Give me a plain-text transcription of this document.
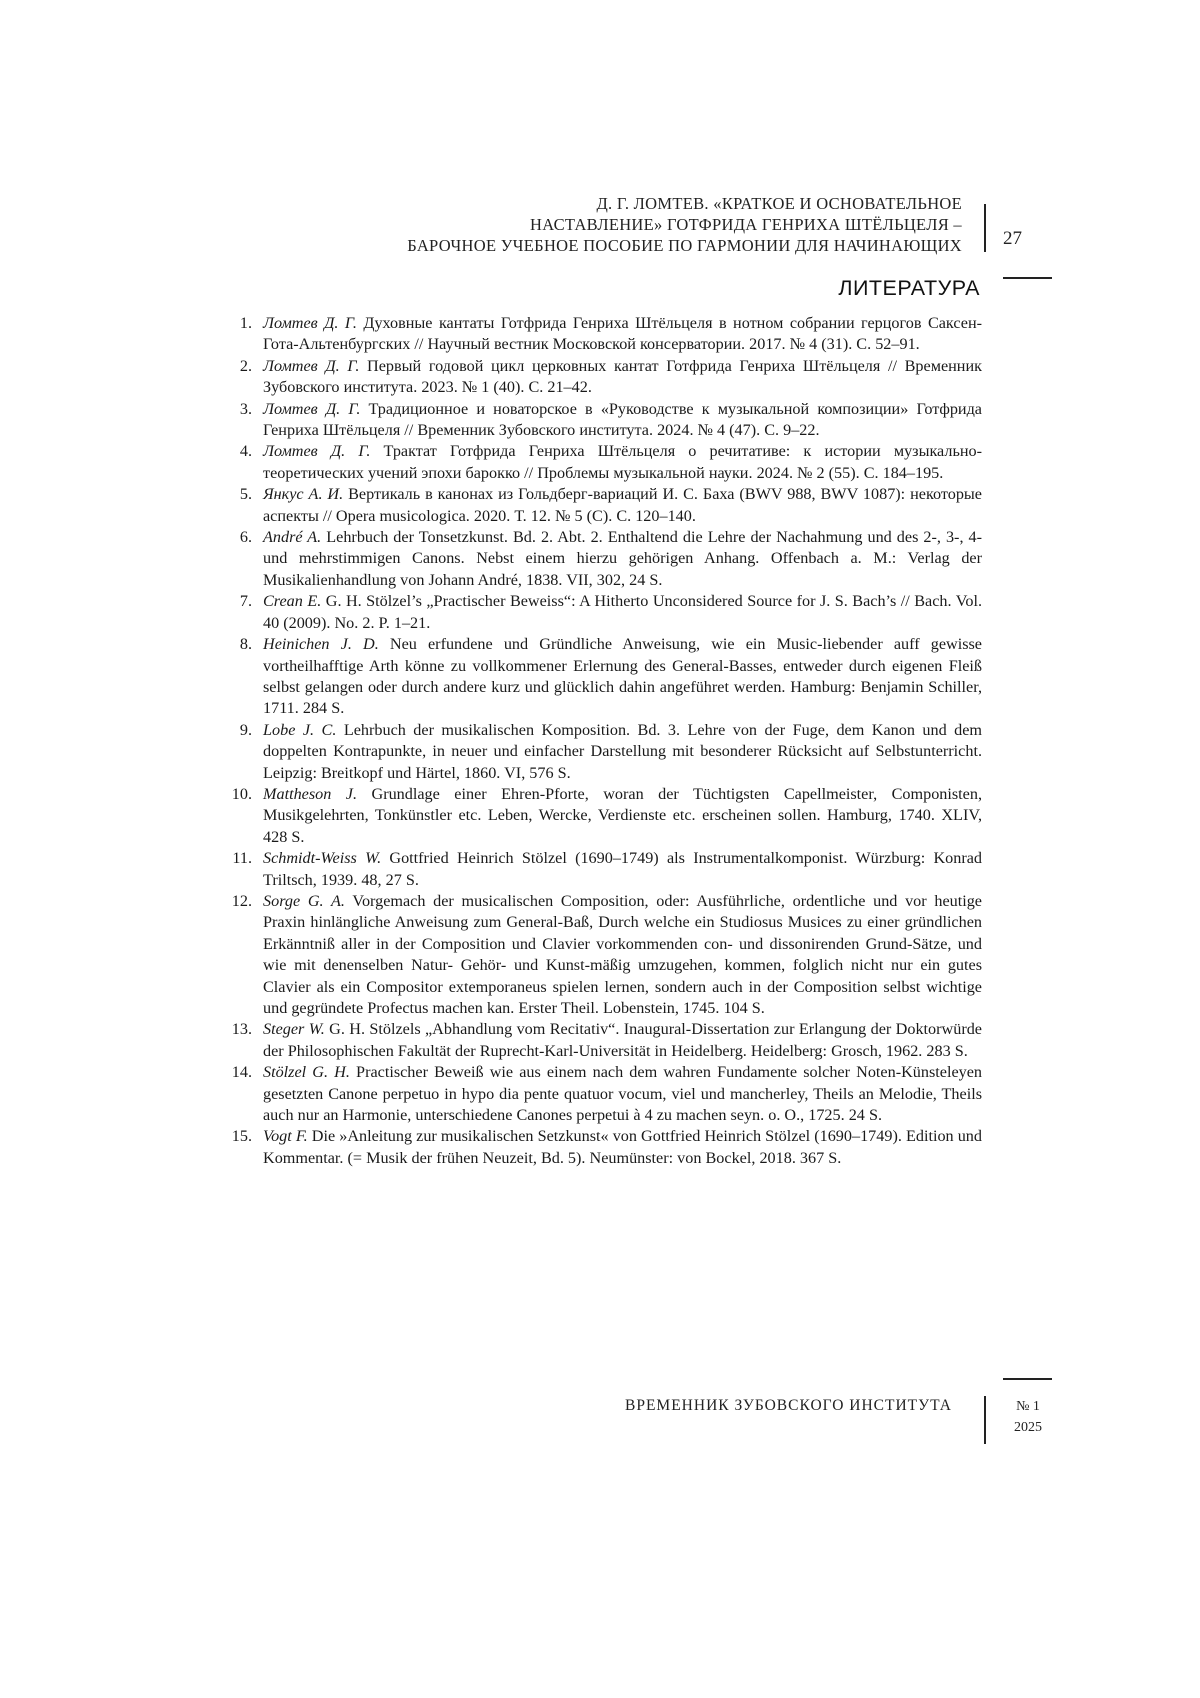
Д. Г. ЛОМТЕВ. «КРАТКОЕ И ОСНОВАТЕЛЬНОЕ
НАСТАВЛЕНИЕ» ГОТФРИДА ГЕНРИХА ШТЁЛЬЦЕЛЯ –
БАРОЧНОЕ УЧЕБНОЕ ПОСОБИЕ ПО ГАРМОНИИ ДЛЯ НАЧИНАЮЩИХ 27
ЛИТЕРАТУРА
1. Ломтев Д. Г. Духовные кантаты Готфрида Генриха Штёльцеля в нотном собрании герцогов Саксен-Гота-Альтенбургских // Научный вестник Московской консерватории. 2017. № 4 (31). С. 52–91.
2. Ломтев Д. Г. Первый годовой цикл церковных кантат Готфрида Генриха Штёльцеля // Временник Зубовского института. 2023. № 1 (40). С. 21–42.
3. Ломтев Д. Г. Традиционное и новаторское в «Руководстве к музыкальной композиции» Готфрида Генриха Штёльцеля // Временник Зубовского института. 2024. № 4 (47). С. 9–22.
4. Ломтев Д. Г. Трактат Готфрида Генриха Штёльцеля о речитативе: к истории музыкально-теоретических учений эпохи барокко // Проблемы музыкальной науки. 2024. № 2 (55). С. 184–195.
5. Янкус А. И. Вертикаль в канонах из Гольдберг-вариаций И. С. Баха (BWV 988, BWV 1087): некоторые аспекты // Opera musicologica. 2020. Т. 12. № 5 (С). С. 120–140.
6. André A. Lehrbuch der Tonsetzkunst. Bd. 2. Abt. 2. Enthaltend die Lehre der Nachahmung und des 2-, 3-, 4- und mehrstimmigen Canons. Nebst einem hierzu gehörigen Anhang. Offenbach a. M.: Verlag der Musikalienhandlung von Johann André, 1838. VII, 302, 24 S.
7. Crean E. G. H. Stölzel’s „Practischer Beweiss“: A Hitherto Unconsidered Source for J. S. Bach’s // Bach. Vol. 40 (2009). No. 2. P. 1–21.
8. Heinichen J. D. Neu erfundene und Gründliche Anweisung, wie ein Music-liebender auff gewisse vortheilhafftige Arth könne zu vollkommener Erlernung des General-Basses, entweder durch eigenen Fleiß selbst gelangen oder durch andere kurz und glücklich dahin angeführet werden. Hamburg: Benjamin Schiller, 1711. 284 S.
9. Lobe J. C. Lehrbuch der musikalischen Komposition. Bd. 3. Lehre von der Fuge, dem Kanon und dem doppelten Kontrapunkte, in neuer und einfacher Darstellung mit besonderer Rücksicht auf Selbstunterricht. Leipzig: Breitkopf und Härtel, 1860. VI, 576 S.
10. Mattheson J. Grundlage einer Ehren-Pforte, woran der Tüchtigsten Capellmeister, Componisten, Musikgelehrten, Tonkünstler etc. Leben, Wercke, Verdienste etc. erscheinen sollen. Hamburg, 1740. XLIV, 428 S.
11. Schmidt-Weiss W. Gottfried Heinrich Stölzel (1690–1749) als Instrumentalkomponist. Würzburg: Konrad Triltsch, 1939. 48, 27 S.
12. Sorge G. A. Vorgemach der musicalischen Composition, oder: Ausführliche, ordentliche und vor heutige Praxin hinlängliche Anweisung zum General-Baß, Durch welche ein Studiosus Musices zu einer gründlichen Erkänntniß aller in der Composition und Clavier vorkommenden con- und dissonirenden Grund-Sätze, und wie mit denenselben Natur- Gehör- und Kunst-mäßig umzugehen, kommen, folglich nicht nur ein gutes Clavier als ein Compositor extemporaneus spielen lernen, sondern auch in der Composition selbst wichtige und gegründete Profectus machen kan. Erster Theil. Lobenstein, 1745. 104 S.
13. Steger W. G. H. Stölzels „Abhandlung vom Recitativ“. Inaugural-Dissertation zur Erlangung der Doktorwürde der Philosophischen Fakultät der Ruprecht-Karl-Universität in Heidelberg. Heidelberg: Grosch, 1962. 283 S.
14. Stölzel G. H. Practischer Beweiß wie aus einem nach dem wahren Fundamente solcher Noten-Künsteleyen gesetzten Canone perpetuo in hypo dia pente quatuor vocum, viel und mancherley, Theils an Melodie, Theils auch nur an Harmonie, unterschiedene Canones perpetui à 4 zu machen seyn. o. O., 1725. 24 S.
15. Vogt F. Die »Anleitung zur musikalischen Setzkunst« von Gottfried Heinrich Stölzel (1690–1749). Edition und Kommentar. (= Musik der frühen Neuzeit, Bd. 5). Neumünster: von Bockel, 2018. 367 S.
ВРЕМЕННИК ЗУБОВСКОГО ИНСТИТУТА	№ 1
2025
